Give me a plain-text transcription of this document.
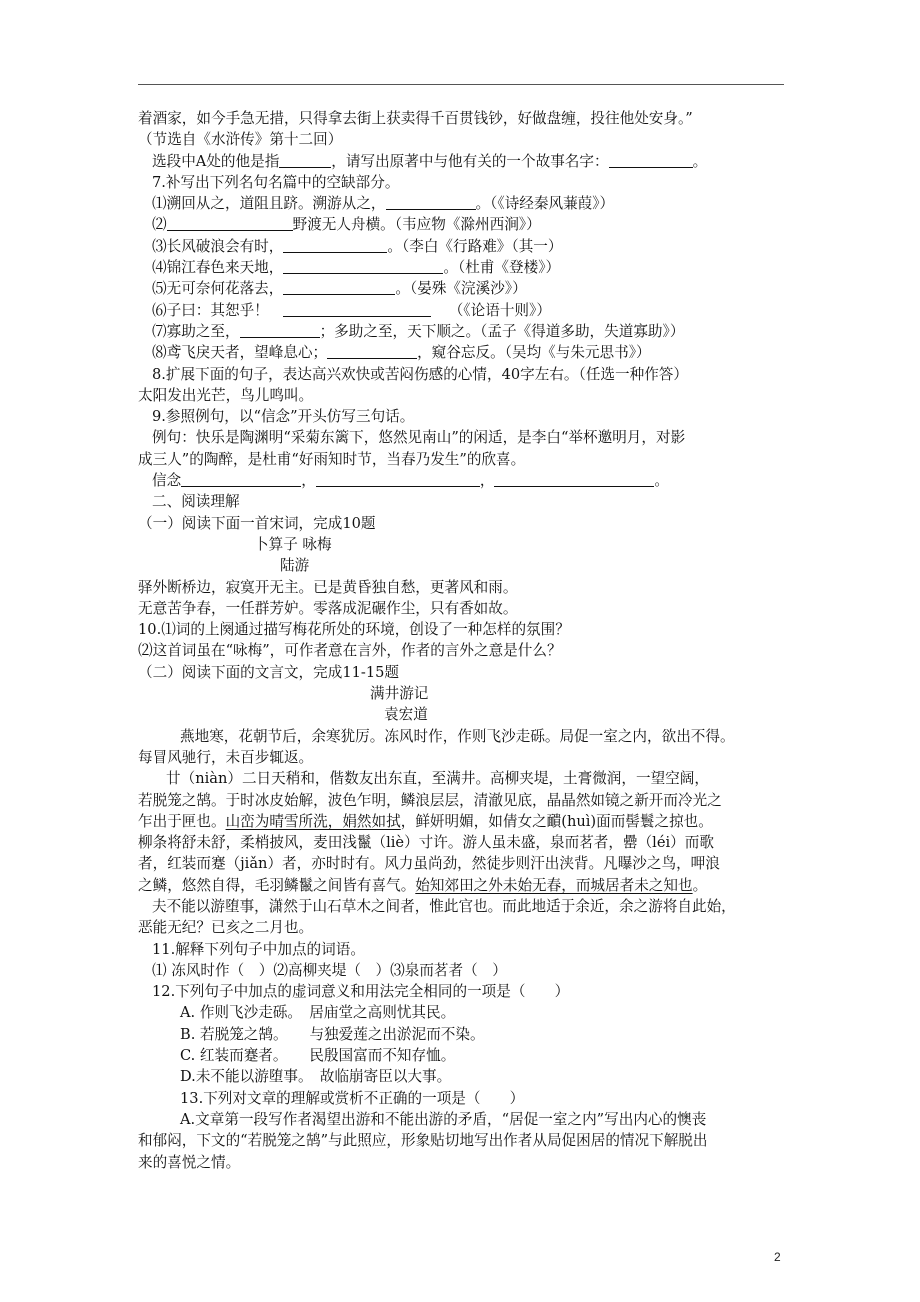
着酒家，如今手急无措，只得拿去街上获卖得千百贯钱钞，好做盘缠，投往他处安身。”
（节选自《水浒传》第十二回）
选段中A处的他是指	，请写出原著中与他有关的一个故事名字：	。
7.补写出下列名句名篇中的空缺部分。
⑴溯回从之，道阻且跻。溯游从之，	。（《诗经秦风蒹葭》）
⑵	野渡无人舟横。（韦应物《滁州西涧》）
⑶长风破浪会有时，	。（李白《行路难》（其一）
⑷锦江春色来天地，	。（杜甫《登楼》）
⑸无可奈何花落去，	。（晏殊《浣溪沙》）
⑹子曰：其恕乎！	（《论语十则》）
⑺寡助之至，	；多助之至，天下顺之。（孟子《得道多助，失道寡助》）
⑻鸢飞戾天者，望峰息心；	，窥谷忘反。（吴均《与朱元思书》）
8.扩展下面的句子，表达高兴欢快或苦闷伤感的心情，40字左右。（任选一种作答）
太阳发出光芒，鸟儿鸣叫。
9.参照例句，以“信念”开头仿写三句话。
例句：快乐是陶渊明“采菊东篱下，悠然见南山”的闲适，是李白“举杯邀明月，对影
成三人”的陶醉，是杜甫“好雨知时节，当春乃发生”的欣喜。
信念	，	，	。
二、阅读理解
（一）阅读下面一首宋词，完成10题
卜算子 咏梅
陆游
驿外断桥边，寂寞开无主。已是黄昏独自愁，更著风和雨。
无意苦争春，一任群芳妒。零落成泥碾作尘，只有香如故。
10.⑴词的上阕通过描写梅花所处的环境，创设了一种怎样的氛围？
⑵这首词虽在“咏梅”，可作者意在言外，作者的言外之意是什么？
（二）阅读下面的文言文，完成11-15题
满井游记
袁宏道
燕地寒，花朝节后，余寒犹厉。冻风时作，作则飞沙走砾。局促一室之内，欲出不得。
每冒风驰行，未百步辄返。
廿（niàn）二日天稍和，偕数友出东直，至满井。高柳夹堤，土膏微润，一望空阔，
若脱笼之鹄。于时冰皮始解，波色乍明，鳞浪层层，清澈见底，晶晶然如镜之新开而冷光之
乍出于匣也。山峦为晴雪所洗，娟然如拭，鲜妍明媚，如倩女之靧(huì)面而髻鬟之掠也。
柳条将舒未舒，柔梢披风，麦田浅鬣（liè）寸许。游人虽未盛，泉而茗者，罍（léi）而歌
者，红装而蹇（jiǎn）者，亦时时有。风力虽尚劲，然徒步则汗出浃背。凡曝沙之鸟，呷浪
之鳞，悠然自得，毛羽鳞鬣之间皆有喜气。始知郊田之外未始无春，而城居者未之知也。
夫不能以游堕事，潇然于山石草木之间者，惟此官也。而此地适于余近，余之游将自此始，
恶能无纪？已亥之二月也。
11.解释下列句子中加点的词语。
⑴ 冻风时作（　）⑵高柳夹堤（　）⑶泉而茗者（　）
12.下列句子中加点的虚词意义和用法完全相同的一项是（　　）
A. 作则飞沙走砾。　居庙堂之高则忧其民。
B. 若脱笼之鹄。　　与独爱莲之出淤泥而不染。
C. 红装而蹇者。　　民殷国富而不知存恤。
D.未不能以游堕事。　故临崩寄臣以大事。
13.下列对文章的理解或赏析不正确的一项是（　　）
A.文章第一段写作者渴望出游和不能出游的矛盾，“居促一室之内”写出内心的懊丧
和郁闷，下文的“若脱笼之鹄”与此照应，形象贴切地写出作者从局促困居的情况下解脱出
来的喜悦之情。
2
